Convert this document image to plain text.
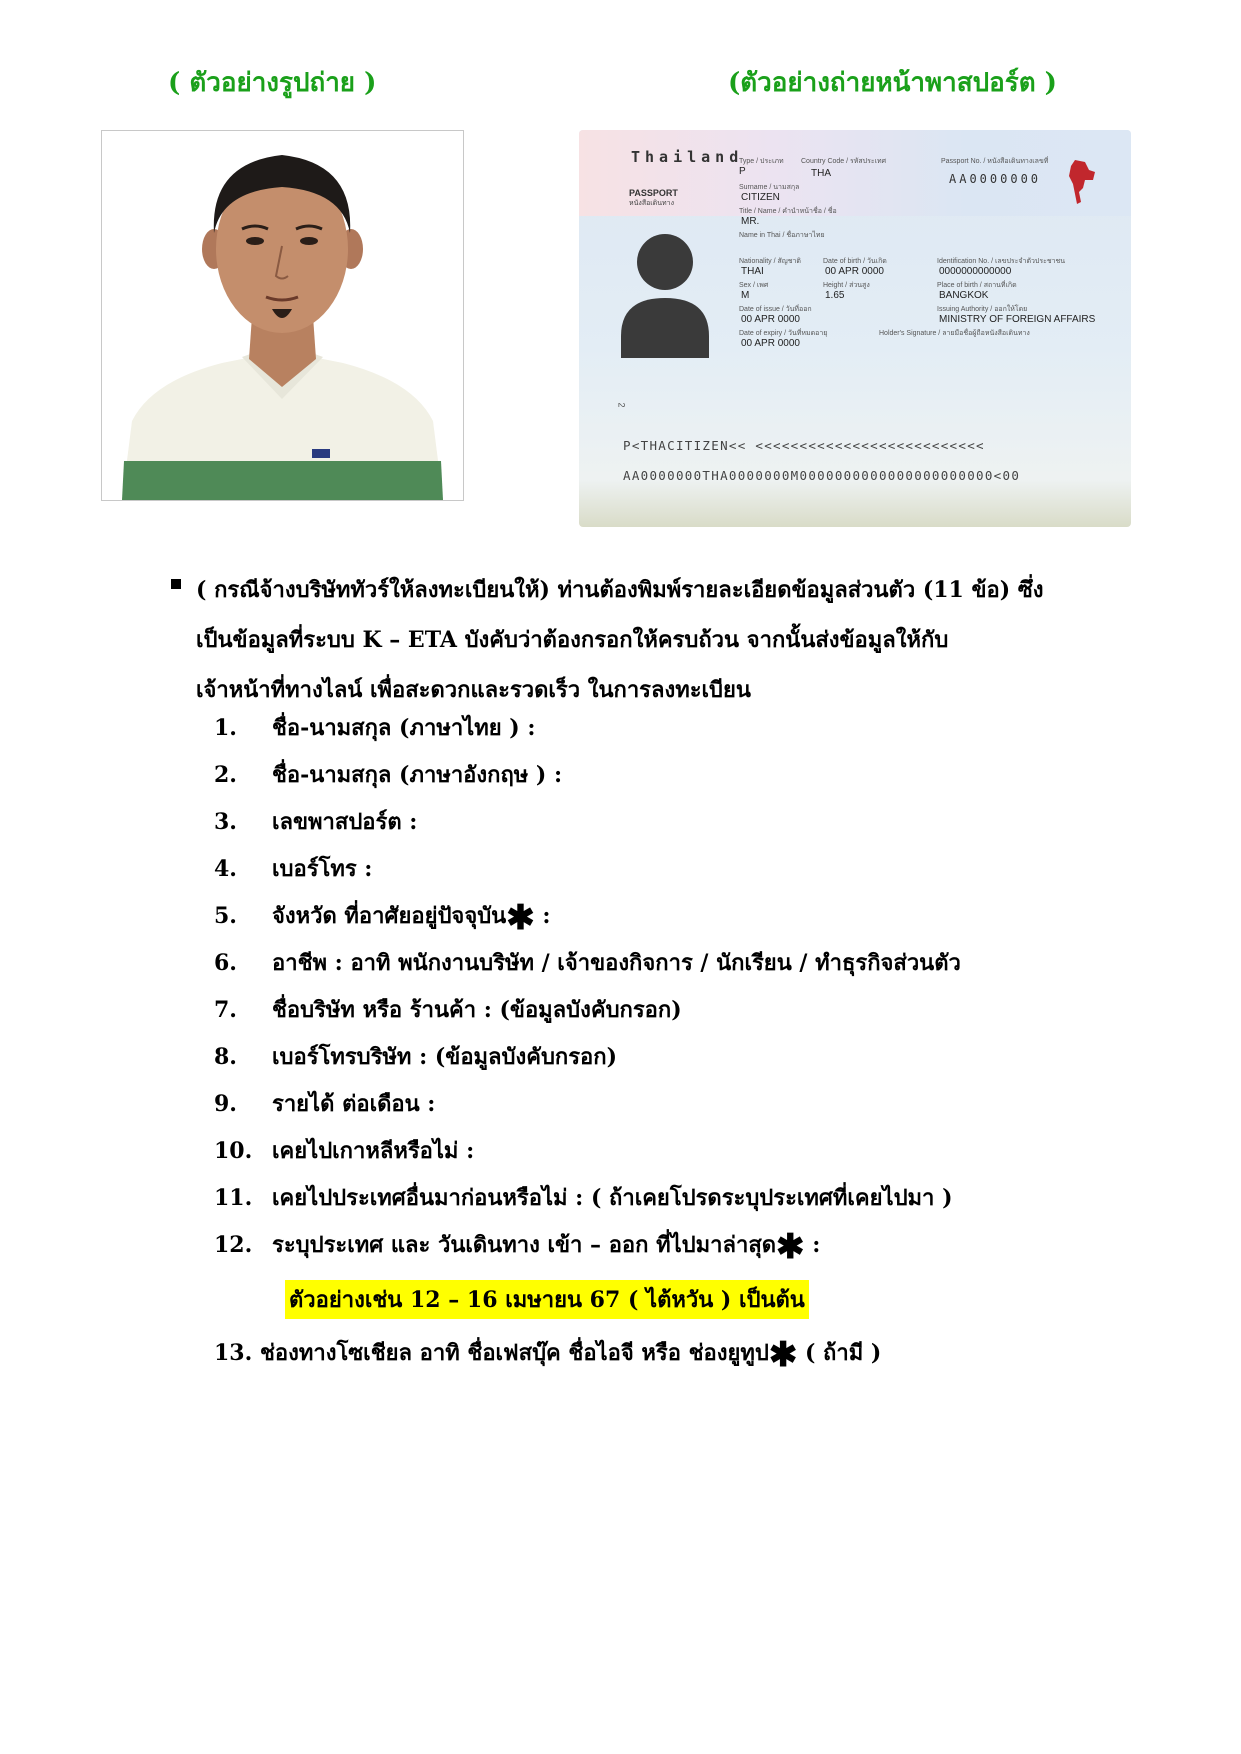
( ตัวอย่างรูปถ่าย )	(ตัวอย่างถ่ายหน้าพาสปอร์ต )
Thailand
PASSPORT
หนังสือเดินทาง
Type / ประเภท Country Code / รหัสประเทศ	Passport No. / หนังสือเดินทางเลขที่
P	THA	AA0000000
Surname / นามสกุล
CITIZEN
Title / Name / คำนำหน้าชื่อ / ชื่อ
MR.
Name in Thai / ชื่อภาษาไทย
Nationality / สัญชาติ	Date of birth / วันเกิด	Identification No. / เลขประจำตัวประชาชน
THAI	00 APR 0000	0000000000000
Sex / เพศ	Height / ส่วนสูง	Place of birth / สถานที่เกิด
M	1.65	BANGKOK
Date of issue / วันที่ออก	Issuing Authority / ออกให้โดย
00 APR 0000	MINISTRY OF FOREIGN AFFAIRS
Date of expiry / วันที่หมดอายุ	Holder's Signature / ลายมือชื่อผู้ถือหนังสือเดินทาง
00 APR 0000
2
P<THACITIZEN<< <<<<<<<<<<<<<<<<<<<<<<<<<<
AA0000000THA0000000M0000000000000000000000<00
( กรณีจ้างบริษัททัวร์ให้ลงทะเบียนให้) ท่านต้องพิมพ์รายละเอียดข้อมูลส่วนตัว (11 ข้อ) ซึ่ง
เป็นข้อมูลที่ระบบ K – ETA บังคับว่าต้องกรอกให้ครบถ้วน จากนั้นส่งข้อมูลให้กับ
เจ้าหน้าที่ทางไลน์ เพื่อสะดวกและรวดเร็ว ในการลงทะเบียน
1. ชื่อ-นามสกุล (ภาษาไทย ) :
2. ชื่อ-นามสกุล (ภาษาอังกฤษ ) :
3. เลขพาสปอร์ต :
4. เบอร์โทร :
5. จังหวัด ที่อาศัยอยู่ปัจจุบัน✱ :
6. อาชีพ : อาทิ พนักงานบริษัท / เจ้าของกิจการ / นักเรียน / ทำธุรกิจส่วนตัว
7. ชื่อบริษัท หรือ ร้านค้า : (ข้อมูลบังคับกรอก)
8. เบอร์โทรบริษัท : (ข้อมูลบังคับกรอก)
9. รายได้ ต่อเดือน :
10. เคยไปเกาหลีหรือไม่ :
11. เคยไปประเทศอื่นมาก่อนหรือไม่ : ( ถ้าเคยโปรดระบุประเทศที่เคยไปมา )
12. ระบุประเทศ และ วันเดินทาง เข้า – ออก ที่ไปมาล่าสุด✱ :
ตัวอย่างเช่น 12 – 16 เมษายน 67 ( ไต้หวัน ) เป็นต้น
13. ช่องทางโซเชียล อาทิ ชื่อเฟสบุ๊ค ชื่อไอจี หรือ ช่องยูทูป✱ ( ถ้ามี )
